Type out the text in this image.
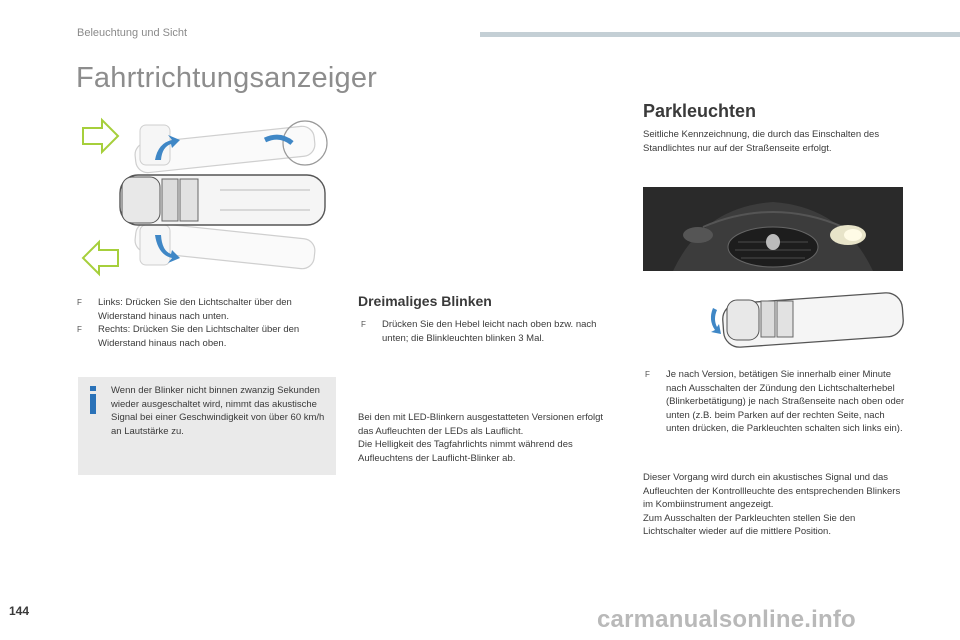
Beleuchtung und Sicht
Fahrtrichtungsanzeiger
F Links: Drücken Sie den Lichtschalter über den Widerstand hinaus nach unten.
F Rechts: Drücken Sie den Lichtschalter über den Widerstand hinaus nach oben.
Wenn der Blinker nicht binnen zwanzig Sekunden wieder ausgeschaltet wird, nimmt das akustische Signal bei einer Geschwindigkeit von über 60 km/h an Lautstärke zu.
Dreimaliges Blinken
F Drücken Sie den Hebel leicht nach oben bzw. nach unten; die Blinkleuchten blinken 3 Mal.
Bei den mit LED-Blinkern ausgestatteten Versionen erfolgt das Aufleuchten der LEDs als Lauflicht.
Die Helligkeit des Tagfahrlichts nimmt während des Aufleuchtens der Lauflicht-Blinker ab.
Parkleuchten
Seitliche Kennzeichnung, die durch das Einschalten des Standlichtes nur auf der Straßenseite erfolgt.
F Je nach Version, betätigen Sie innerhalb einer Minute nach Ausschalten der Zündung den Lichtschalterhebel (Blinkerbetätigung) je nach Straßenseite nach oben oder unten (z.B. beim Parken auf der rechten Seite, nach unten drücken, die Parkleuchten schalten sich links ein).
Dieser Vorgang wird durch ein akustisches Signal und das Aufleuchten der Kontrollleuchte des entsprechenden Blinkers im Kombiinstrument angezeigt.
Zum Ausschalten der Parkleuchten stellen Sie den Lichtschalter wieder auf die mittlere Position.
144	carmanualsonline.info
